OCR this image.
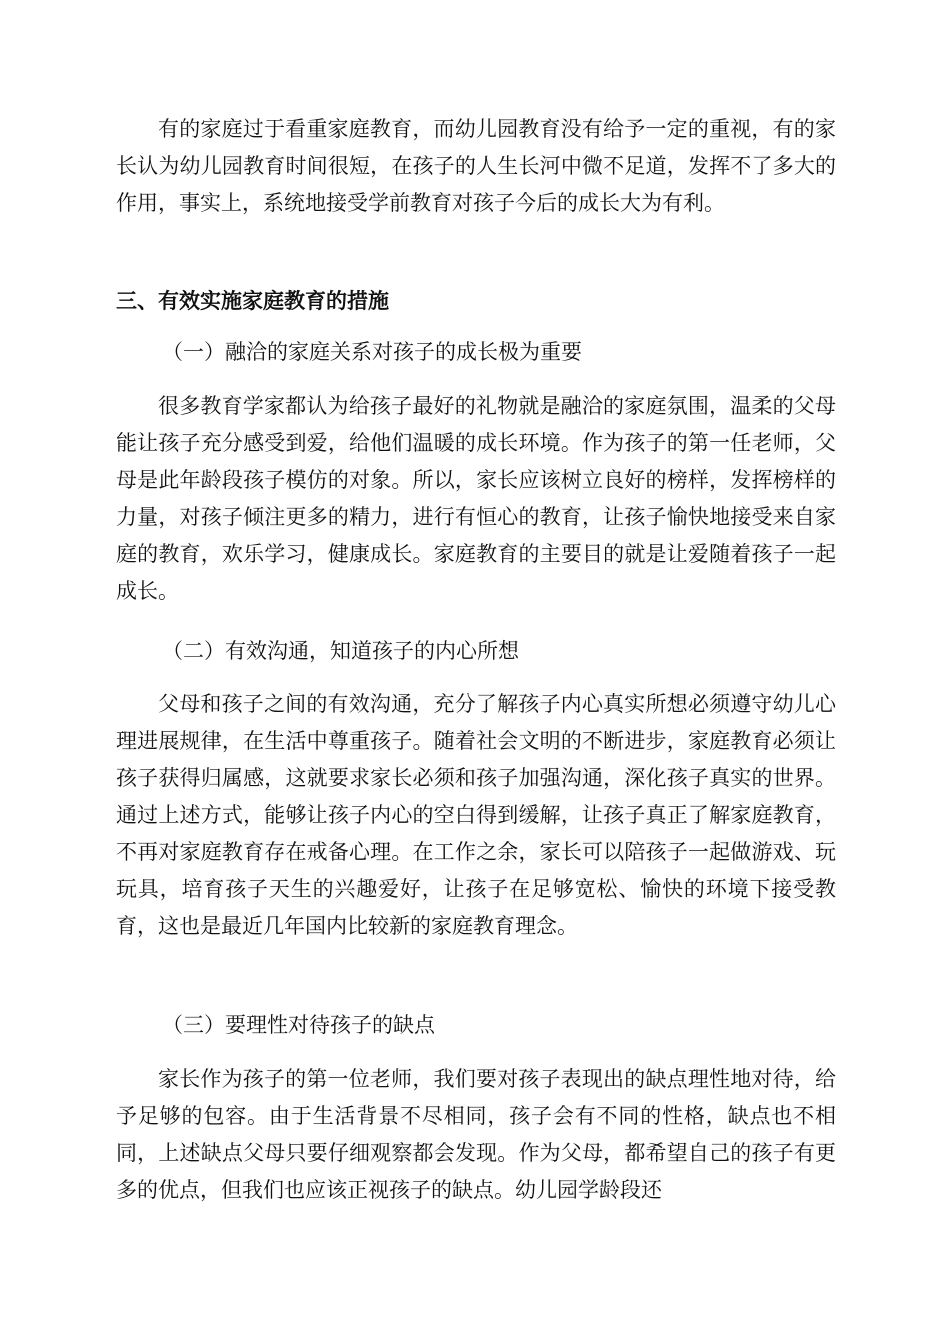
有的家庭过于看重家庭教育，而幼儿园教育没有给予一定的重视，有的家长认为幼儿园教育时间很短，在孩子的人生长河中微不足道，发挥不了多大的作用，事实上，系统地接受学前教育对孩子今后的成长大为有利。

三、有效实施家庭教育的措施

（一）融洽的家庭关系对孩子的成长极为重要

很多教育学家都认为给孩子最好的礼物就是融洽的家庭氛围，温柔的父母能让孩子充分感受到爱，给他们温暖的成长环境。作为孩子的第一任老师，父母是此年龄段孩子模仿的对象。所以，家长应该树立良好的榜样，发挥榜样的力量，对孩子倾注更多的精力，进行有恒心的教育，让孩子愉快地接受来自家庭的教育，欢乐学习，健康成长。家庭教育的主要目的就是让爱随着孩子一起成长。

（二）有效沟通，知道孩子的内心所想

父母和孩子之间的有效沟通，充分了解孩子内心真实所想必须遵守幼儿心理进展规律，在生活中尊重孩子。随着社会文明的不断进步，家庭教育必须让孩子获得归属感，这就要求家长必须和孩子加强沟通，深化孩子真实的世界。通过上述方式，能够让孩子内心的空白得到缓解，让孩子真正了解家庭教育，不再对家庭教育存在戒备心理。在工作之余，家长可以陪孩子一起做游戏、玩玩具，培育孩子天生的兴趣爱好，让孩子在足够宽松、愉快的环境下接受教育，这也是最近几年国内比较新的家庭教育理念。

（三）要理性对待孩子的缺点

家长作为孩子的第一位老师，我们要对孩子表现出的缺点理性地对待，给予足够的包容。由于生活背景不尽相同，孩子会有不同的性格，缺点也不相同，上述缺点父母只要仔细观察都会发现。作为父母，都希望自己的孩子有更多的优点，但我们也应该正视孩子的缺点。幼儿园学龄段还
